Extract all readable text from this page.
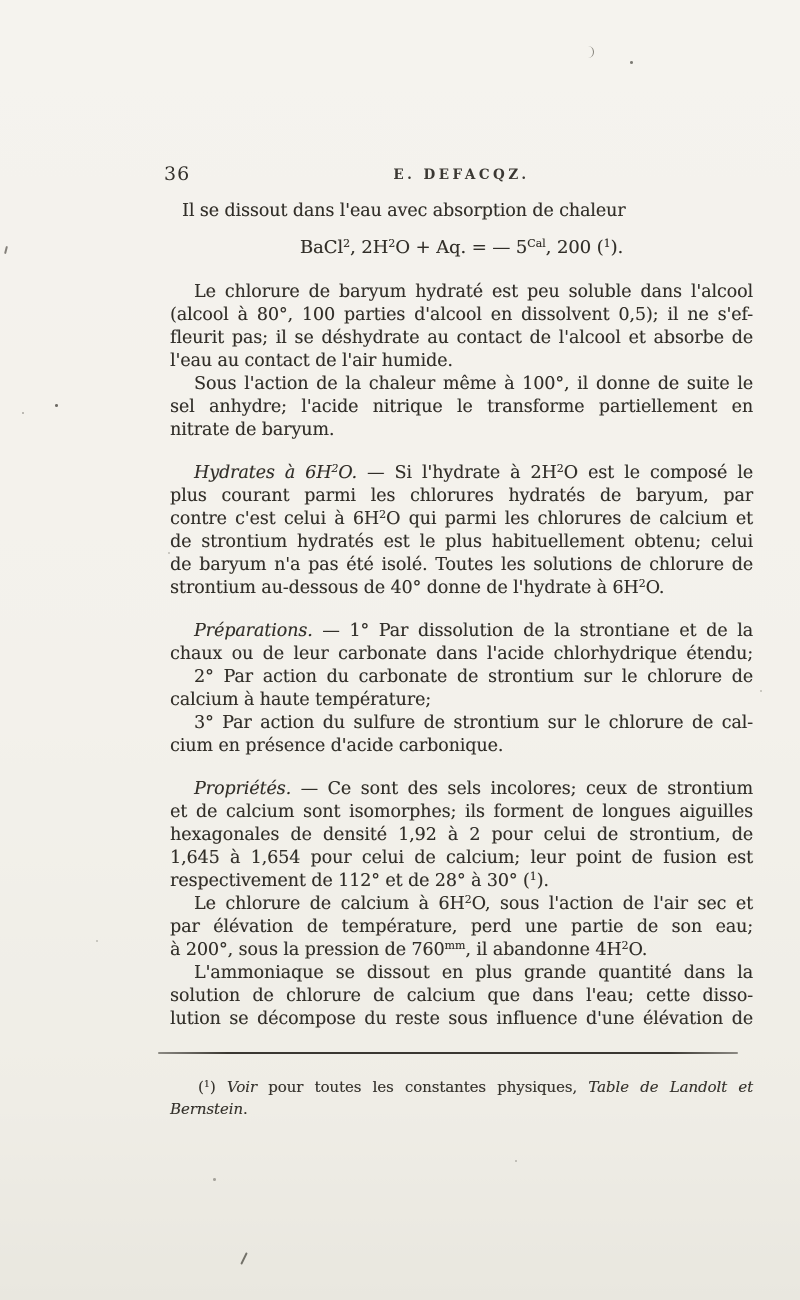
36	E. DEFACQZ.
Il se dissout dans l'eau avec absorption de chaleur
BaCl$^2$, $2H^2O + Aq$. = — $5^{Cal}$, 200 ($^1$).
Le chlorure de baryum hydraté est peu soluble dans l'alcool
(alcool à 80°, 100 parties d'alcool en dissolvent 0,5); il ne s'ef-
fleurit pas; il se déshydrate au contact de l'alcool et absorbe de
l'eau au contact de l'air humide.
Sous l'action de la chaleur même à 100°, il donne de suite le
sel anhydre; l'acide nitrique le transforme partiellement en
nitrate de baryum.
Hydrates à $6H^2O$. — Si l'hydrate à $2H^2O$ est le composé le
plus courant parmi les chlorures hydratés de baryum, par
contre c'est celui à $6H^2O$ qui parmi les chlorures de calcium et
de strontium hydratés est le plus habituellement obtenu; celui
de baryum n'a pas été isolé. Toutes les solutions de chlorure de
strontium au-dessous de 40° donne de l'hydrate à $6H^2O$.
Préparations. — 1° Par dissolution de la strontiane et de la
chaux ou de leur carbonate dans l'acide chlorhydrique étendu;
2° Par action du carbonate de strontium sur le chlorure de
calcium à haute température;
3° Par action du sulfure de strontium sur le chlorure de cal-
cium en présence d'acide carbonique.
Propriétés. — Ce sont des sels incolores; ceux de strontium
et de calcium sont isomorphes; ils forment de longues aiguilles
hexagonales de densité 1,92 à 2 pour celui de strontium, de
1,645 à 1,654 pour celui de calcium; leur point de fusion est
respectivement de 112° et de 28° à 30° ($^1$).
Le chlorure de calcium à $6H^2O$, sous l'action de l'air sec et
par élévation de température, perd une partie de son eau;
à 200°, sous la pression de $760^{mm}$, il abandonne $4H^2O$.
L'ammoniaque se dissout en plus grande quantité dans la
solution de chlorure de calcium que dans l'eau; cette disso-
lution se décompose du reste sous influence d'une élévation de
($^1$) Voir pour toutes les constantes physiques, Table de Landolt et
Bernstein.
